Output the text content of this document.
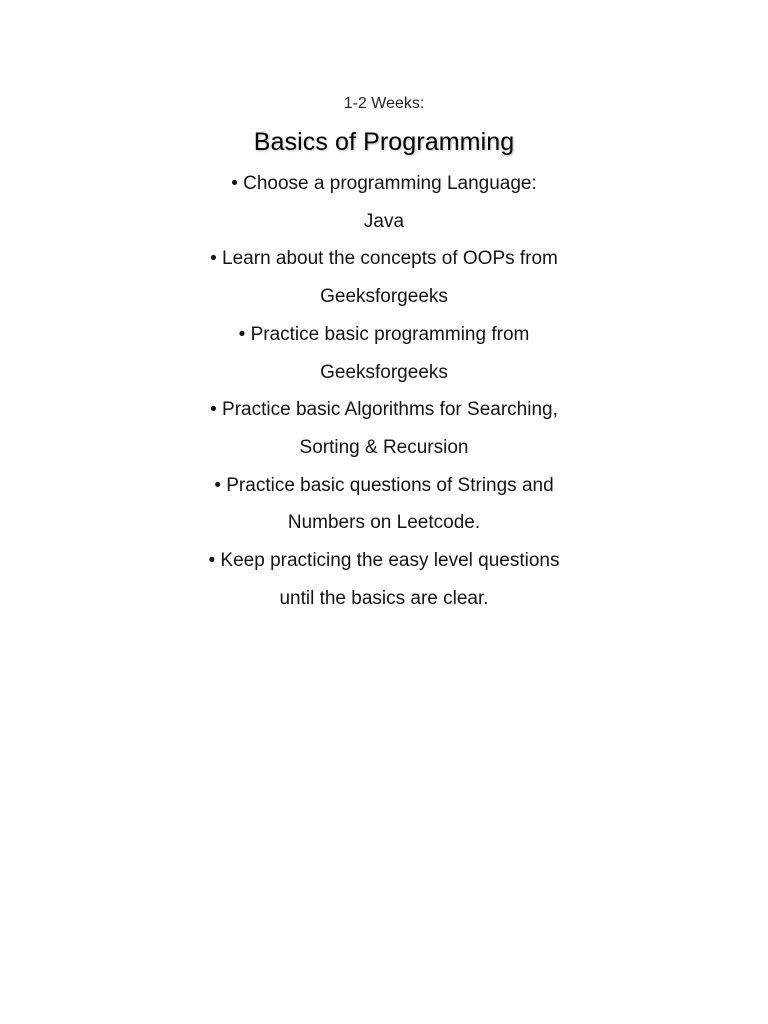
1-2 Weeks:

Basics of Programming
• Choose a programming Language:
Java
• Learn about the concepts of OOPs from
Geeksforgeeks
• Practice basic programming from
Geeksforgeeks
• Practice basic Algorithms for Searching,
Sorting & Recursion
• Practice basic questions of Strings and
Numbers on Leetcode.
• Keep practicing the easy level questions
until the basics are clear.
